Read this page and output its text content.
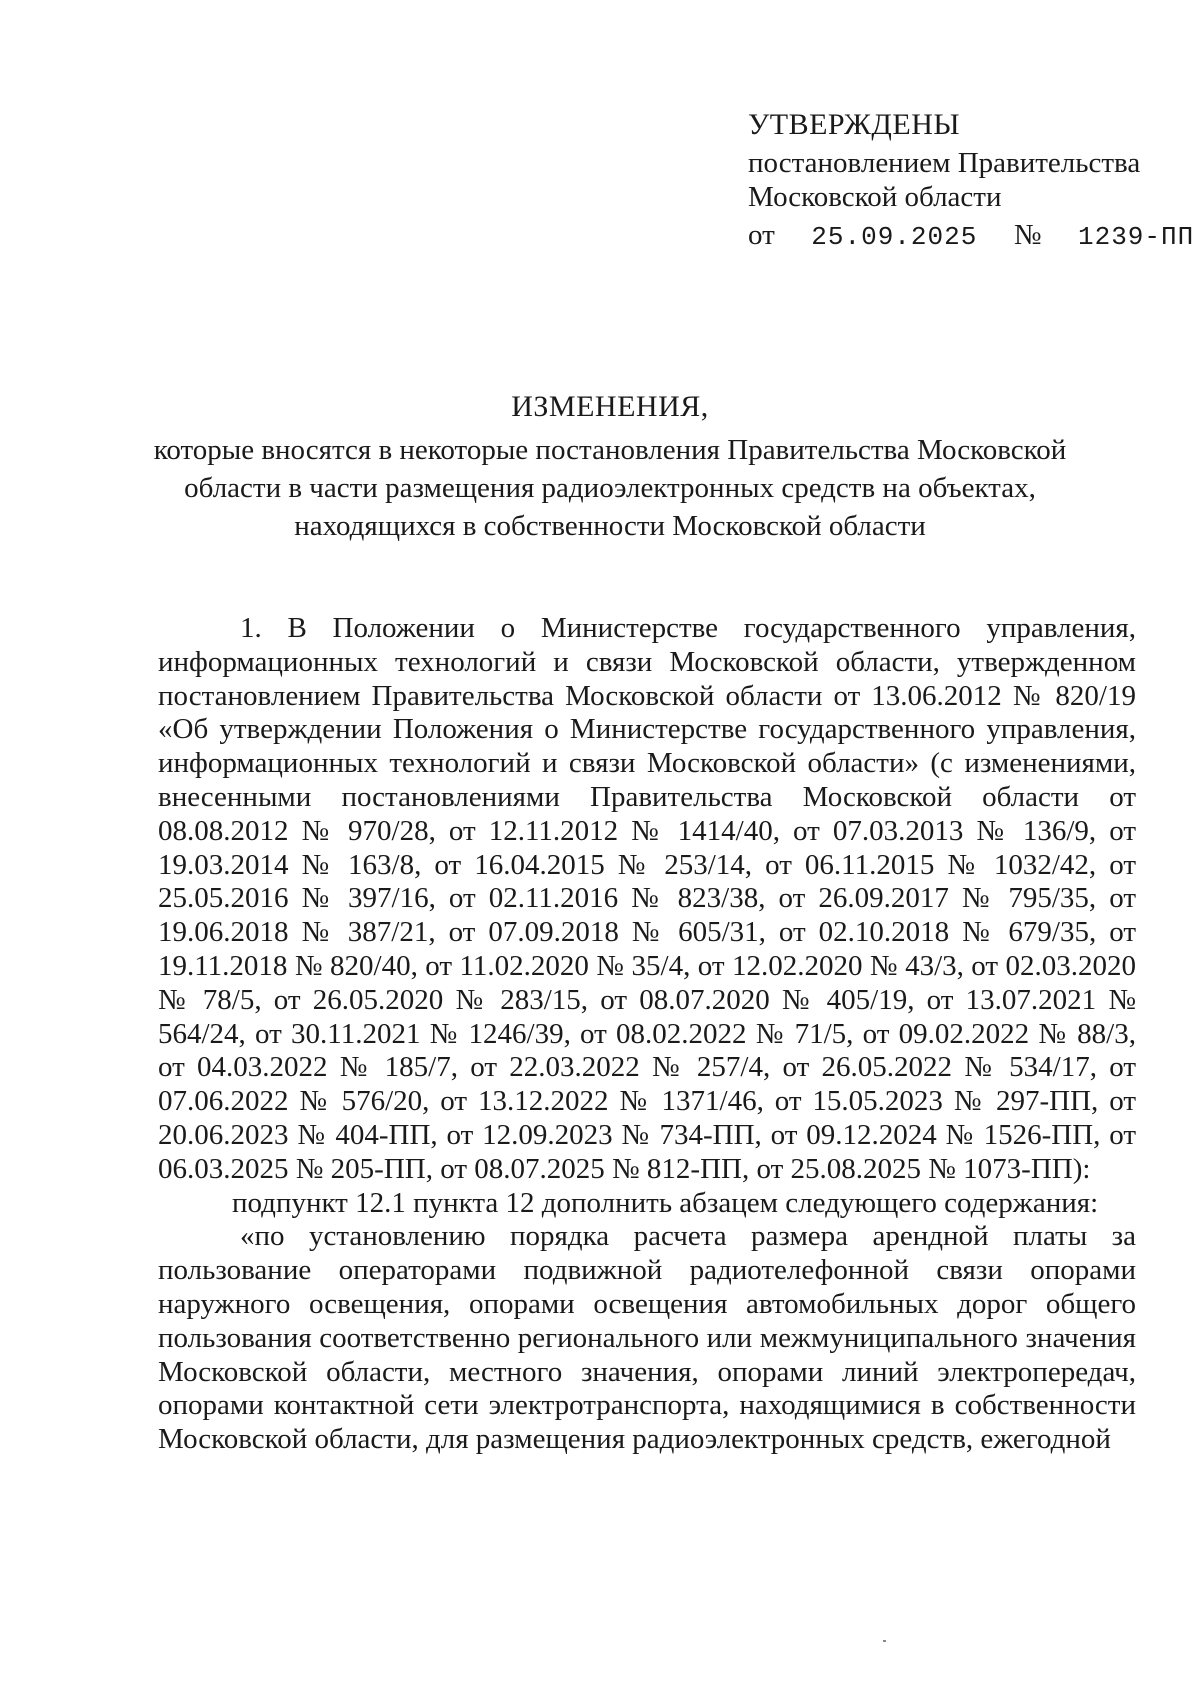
УТВЕРЖДЕНЫ
постановлением Правительства
Московской области
от 25.09.2025 № 1239-ПП
ИЗМЕНЕНИЯ,
которые вносятся в некоторые постановления Правительства Московской области в части размещения радиоэлектронных средств на объектах, находящихся в собственности Московской области

1. В Положении о Министерстве государственного управления, информационных технологий и связи Московской области, утвержденном постановлением Правительства Московской области от 13.06.2012 № 820/19 «Об утверждении Положения о Министерстве государственного управления, информационных технологий и связи Московской области» (с изменениями, внесенными постановлениями Правительства Московской области от 08.08.2012 № 970/28, от 12.11.2012 № 1414/40, от 07.03.2013 № 136/9, от 19.03.2014 № 163/8, от 16.04.2015 № 253/14, от 06.11.2015 № 1032/42, от 25.05.2016 № 397/16, от 02.11.2016 № 823/38, от 26.09.2017 № 795/35, от 19.06.2018 № 387/21, от 07.09.2018 № 605/31, от 02.10.2018 № 679/35, от 19.11.2018 № 820/40, от 11.02.2020 № 35/4, от 12.02.2020 № 43/3, от 02.03.2020 № 78/5, от 26.05.2020 № 283/15, от 08.07.2020 № 405/19, от 13.07.2021 № 564/24, от 30.11.2021 № 1246/39, от 08.02.2022 № 71/5, от 09.02.2022 № 88/3, от 04.03.2022 № 185/7, от 22.03.2022 № 257/4, от 26.05.2022 № 534/17, от 07.06.2022 № 576/20, от 13.12.2022 № 1371/46, от 15.05.2023 № 297-ПП, от 20.06.2023 № 404-ПП, от 12.09.2023 № 734-ПП, от 09.12.2024 № 1526-ПП, от 06.03.2025 № 205-ПП, от 08.07.2025 № 812-ПП, от 25.08.2025 № 1073-ПП):

подпункт 12.1 пункта 12 дополнить абзацем следующего содержания:

«по установлению порядка расчета размера арендной платы за пользование операторами подвижной радиотелефонной связи опорами наружного освещения, опорами освещения автомобильных дорог общего пользования соответственно регионального или межмуниципального значения Московской области, местного значения, опорами линий электропередач, опорами контактной сети электротранспорта, находящимися в собственности Московской области, для размещения радиоэлектронных средств, ежегодной
